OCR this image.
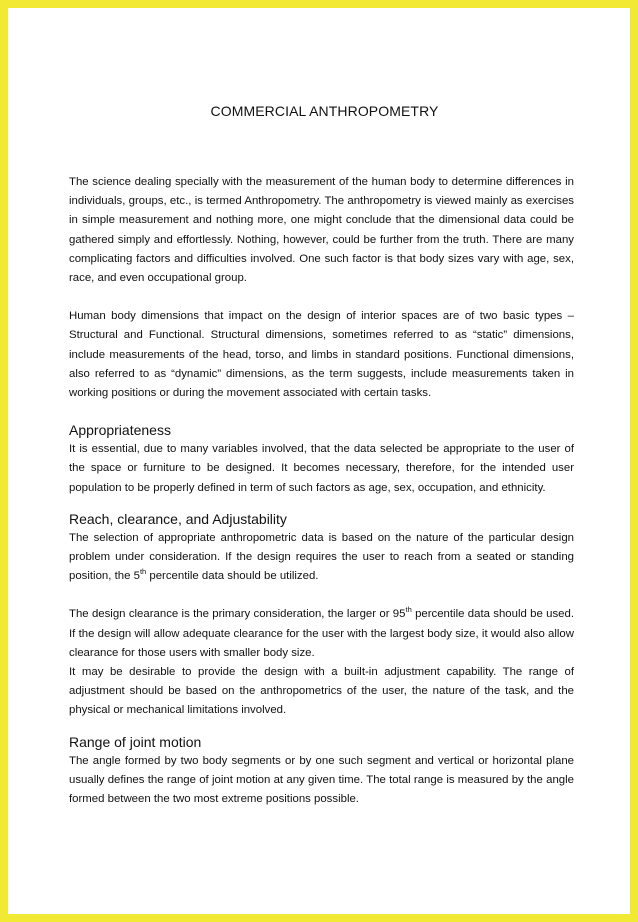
COMMERCIAL ANTHROPOMETRY

The science dealing specially with the measurement of the human body to determine differences in individuals, groups, etc., is termed Anthropometry. The anthropometry is viewed mainly as exercises in simple measurement and nothing more, one might conclude that the dimensional data could be gathered simply and effortlessly. Nothing, however, could be further from the truth. There are many complicating factors and difficulties involved. One such factor is that body sizes vary with age, sex, race, and even occupational group.

Human body dimensions that impact on the design of interior spaces are of two basic types – Structural and Functional. Structural dimensions, sometimes referred to as “static” dimensions, include measurements of the head, torso, and limbs in standard positions. Functional dimensions, also referred to as “dynamic” dimensions, as the term suggests, include measurements taken in working positions or during the movement associated with certain tasks.

Appropriateness

It is essential, due to many variables involved, that the data selected be appropriate to the user of the space or furniture to be designed. It becomes necessary, therefore, for the intended user population to be properly defined in term of such factors as age, sex, occupation, and ethnicity.

Reach, clearance, and Adjustability

The selection of appropriate anthropometric data is based on the nature of the particular design problem under consideration. If the design requires the user to reach from a seated or standing position, the 5th percentile data should be utilized.

The design clearance is the primary consideration, the larger or 95th percentile data should be used. If the design will allow adequate clearance for the user with the largest body size, it would also allow clearance for those users with smaller body size.

It may be desirable to provide the design with a built-in adjustment capability. The range of adjustment should be based on the anthropometrics of the user, the nature of the task, and the physical or mechanical limitations involved.

Range of joint motion

The angle formed by two body segments or by one such segment and vertical or horizontal plane usually defines the range of joint motion at any given time. The total range is measured by the angle formed between the two most extreme positions possible.
